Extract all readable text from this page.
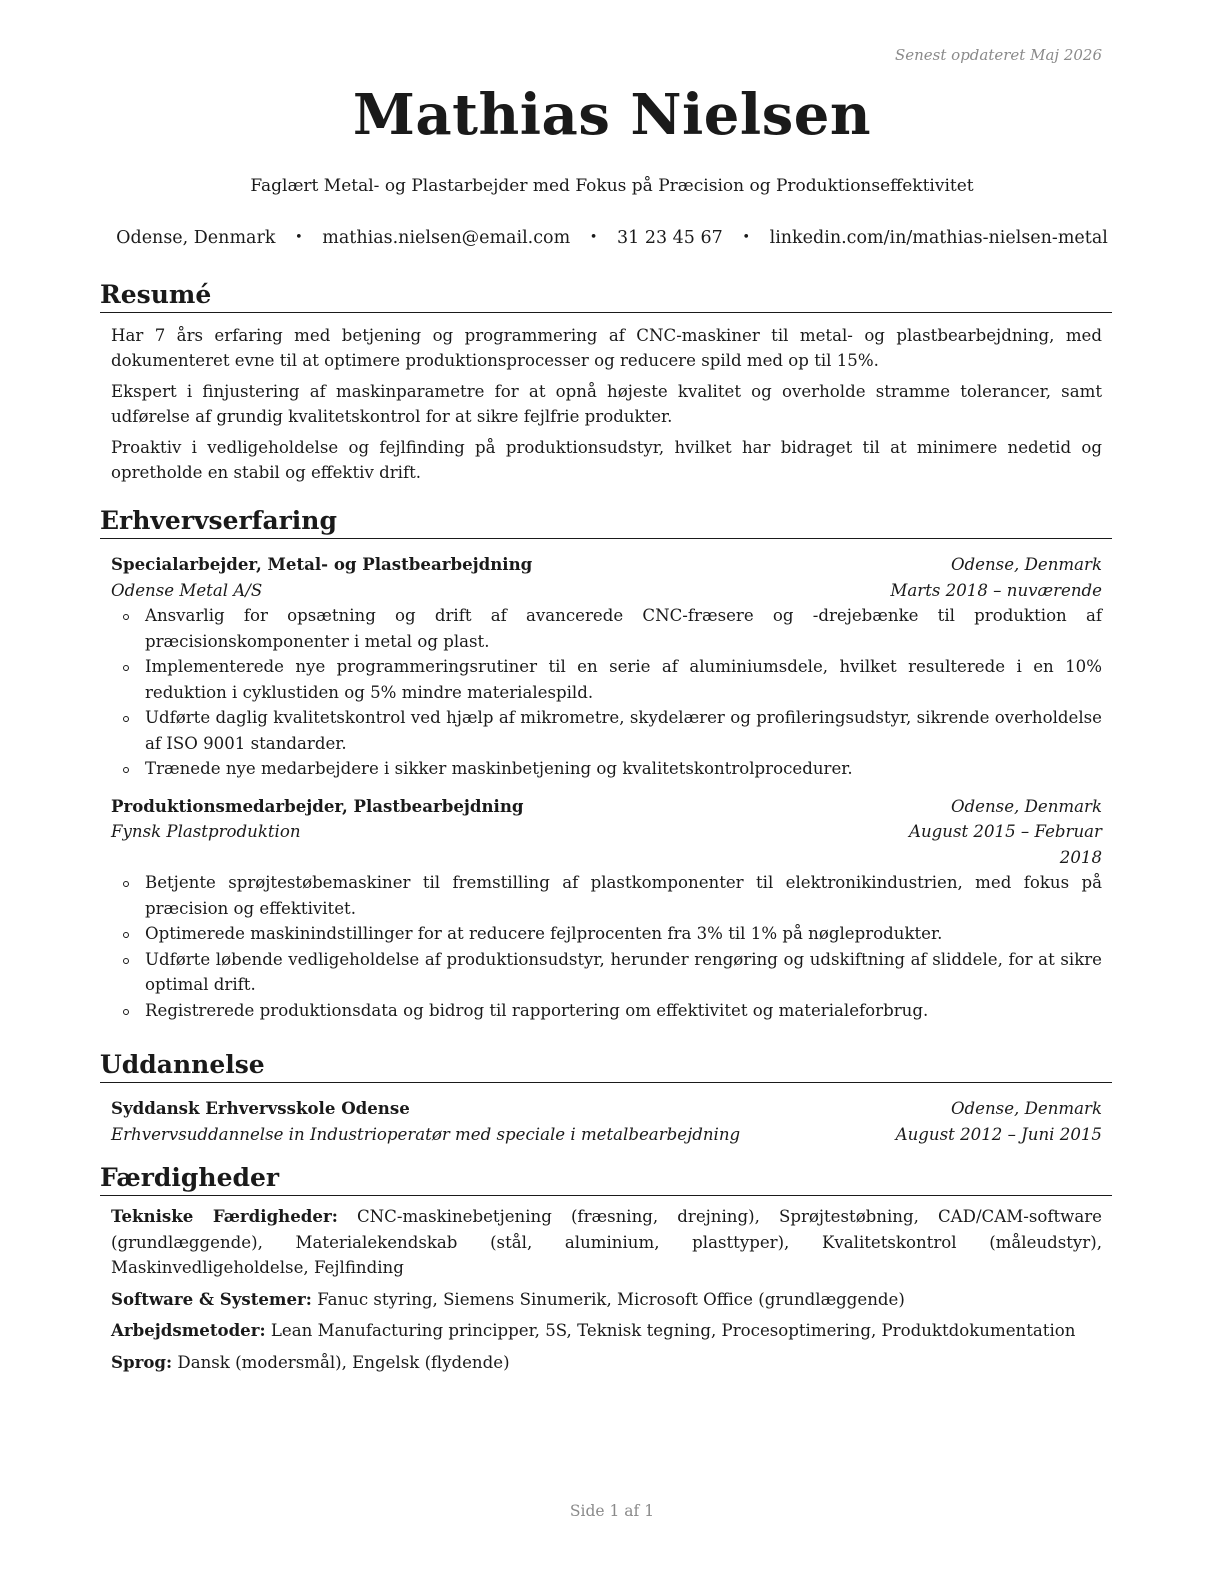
Senest opdateret Maj 2026
Mathias Nielsen
Faglært Metal- og Plastarbejder med Fokus på Præcision og Produktionseffektivitet
Odense, Denmark • mathias.nielsen@email.com • 31 23 45 67 • linkedin.com/in/mathias-nielsen-metal
Resumé

Har 7 års erfaring med betjening og programmering af CNC-maskiner til metal- og plastbearbejdning, med dokumenteret evne til at optimere produktionsprocesser og reducere spild med op til 15%.

Ekspert i finjustering af maskinparametre for at opnå højeste kvalitet og overholde stramme tolerancer, samt udførelse af grundig kvalitetskontrol for at sikre fejlfrie produkter.

Proaktiv i vedligeholdelse og fejlfinding på produktionsudstyr, hvilket har bidraget til at minimere nedetid og opretholde en stabil og effektiv drift.

Erhvervserfaring
Specialarbejder, Metal- og Plastbearbejdning	Odense, Denmark
Odense Metal A/S	Marts 2018 – nuværende
Ansvarlig for opsætning og drift af avancerede CNC-fræsere og -drejebænke til produktion af præcisionskomponenter i metal og plast.
Implementerede nye programmeringsrutiner til en serie af aluminiumsdele, hvilket resulterede i en 10% reduktion i cyklustiden og 5% mindre materialespild.
Udførte daglig kvalitetskontrol ved hjælp af mikrometre, skydelærer og profileringsudstyr, sikrende overholdelse af ISO 9001 standarder.
Trænede nye medarbejdere i sikker maskinbetjening og kvalitetskontrolprocedurer.
Produktionsmedarbejder, Plastbearbejdning	Odense, Denmark
Fynsk Plastproduktion	August 2015 – Februar 2018
Betjente sprøjtestøbemaskiner til fremstilling af plastkomponenter til elektronikindustrien, med fokus på præcision og effektivitet.
Optimerede maskinindstillinger for at reducere fejlprocenten fra 3% til 1% på nøgleprodukter.
Udførte løbende vedligeholdelse af produktionsudstyr, herunder rengøring og udskiftning af sliddele, for at sikre optimal drift.
Registrerede produktionsdata og bidrog til rapportering om effektivitet og materialeforbrug.
Uddannelse
Syddansk Erhvervsskole Odense	Odense, Denmark
Erhvervsuddannelse in Industrioperatør med speciale i metalbearbejdning	August 2012 – Juni 2015
Færdigheder
Tekniske Færdigheder: CNC-maskinebetjening (fræsning, drejning), Sprøjtestøbning, CAD/CAM-software (grundlæggende), Materialekendskab (stål, aluminium, plasttyper), Kvalitetskontrol (måleudstyr), Maskinvedligeholdelse, Fejlfinding
Software & Systemer: Fanuc styring, Siemens Sinumerik, Microsoft Office (grundlæggende)
Arbejdsmetoder: Lean Manufacturing principper, 5S, Teknisk tegning, Procesoptimering, Produktdokumentation
Sprog: Dansk (modersmål), Engelsk (flydende)
Side 1 af 1
